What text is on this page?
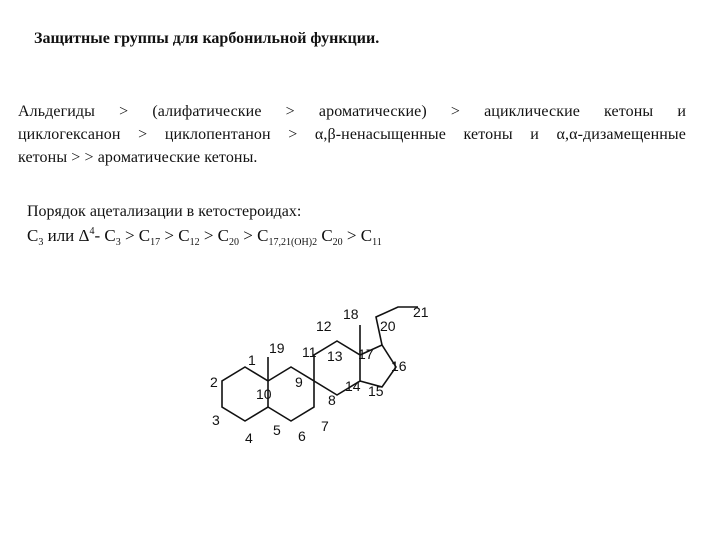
Защитные группы для карбонильной функции.
Альдегиды > (алифатические > ароматические) > ациклические кетоны и
циклогексанон > циклопентанон > α,β-ненасыщенные кетоны и α,α-дизамещенные
кетоны > > ароматические кетоны.
Порядок ацетализации в кетостероидах:
$C_3$ или $\Delta^4-$ $C_3 > C_{17} > C_{12} > C_{20} > C_{17,21(OH)2}$ $C_{20} > C_{11}$
1
2
3
4 5 6
7
8
9
10
11
12
13
14 15
16
17
18
19
20
21
